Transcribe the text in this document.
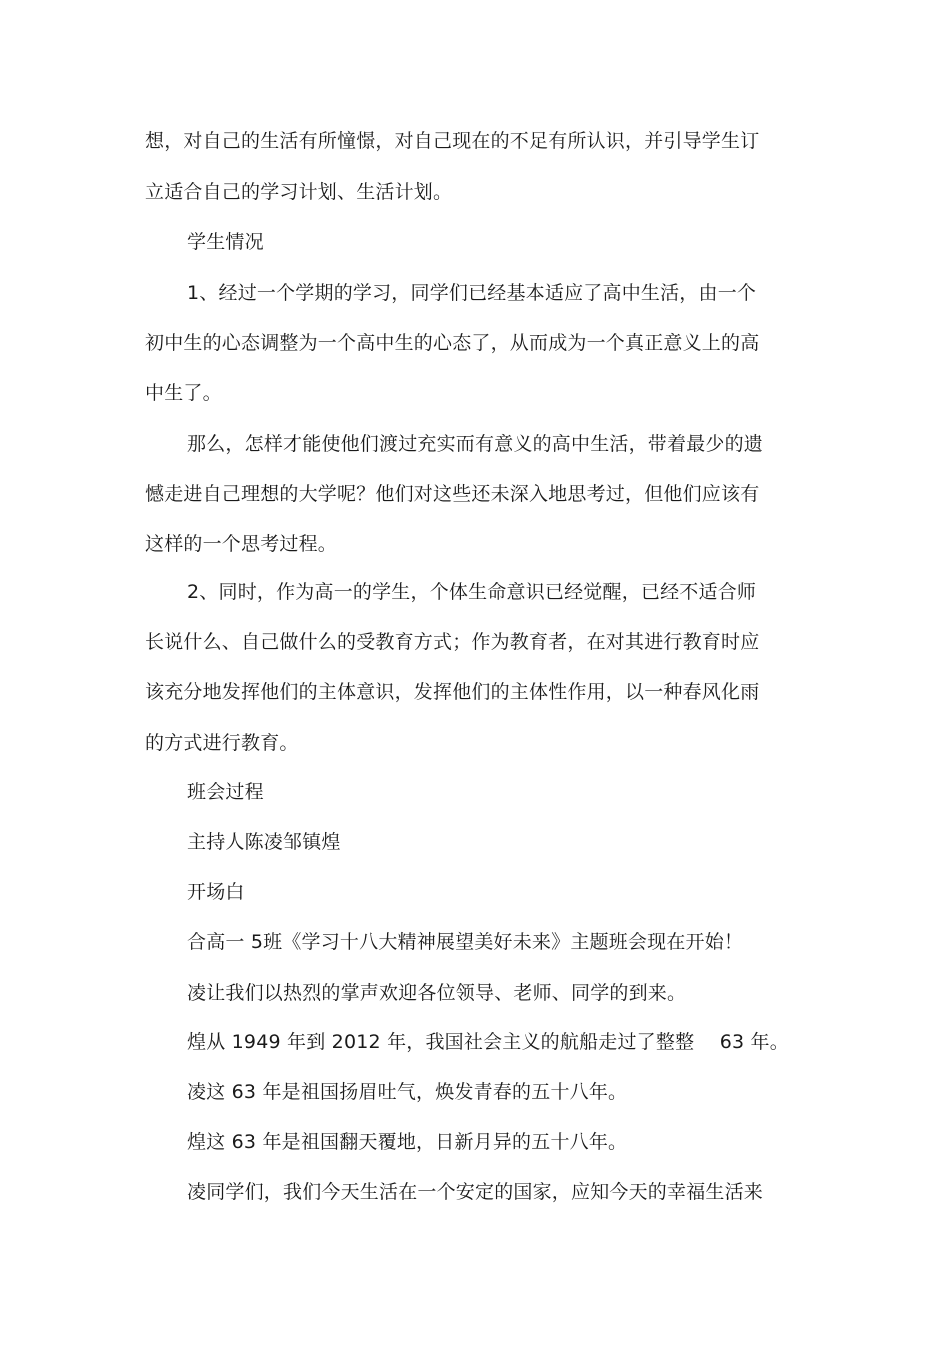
想，对自己的生活有所憧憬，对自己现在的不足有所认识，并引导学生订
立适合自己的学习计划、生活计划。
学生情况
1、经过一个学期的学习，同学们已经基本适应了高中生活，由一个
初中生的心态调整为一个高中生的心态了，从而成为一个真正意义上的高
中生了。
那么，怎样才能使他们渡过充实而有意义的高中生活，带着最少的遗
憾走进自己理想的大学呢？他们对这些还未深入地思考过，但他们应该有
这样的一个思考过程。
2、同时，作为高一的学生，个体生命意识已经觉醒，已经不适合师
长说什么、自己做什么的受教育方式；作为教育者，在对其进行教育时应
该充分地发挥他们的主体意识，发挥他们的主体性作用，以一种春风化雨
的方式进行教育。
班会过程
主持人陈凌邹镇煌
开场白
合高一 5班《学习十八大精神展望美好未来》主题班会现在开始！
凌让我们以热烈的掌声欢迎各位领导、老师、同学的到来。
煌从 1949 年到 2012 年，我国社会主义的航船走过了整整　 63 年。
凌这 63 年是祖国扬眉吐气，焕发青春的五十八年。
煌这 63 年是祖国翻天覆地，日新月异的五十八年。
凌同学们，我们今天生活在一个安定的国家，应知今天的幸福生活来
